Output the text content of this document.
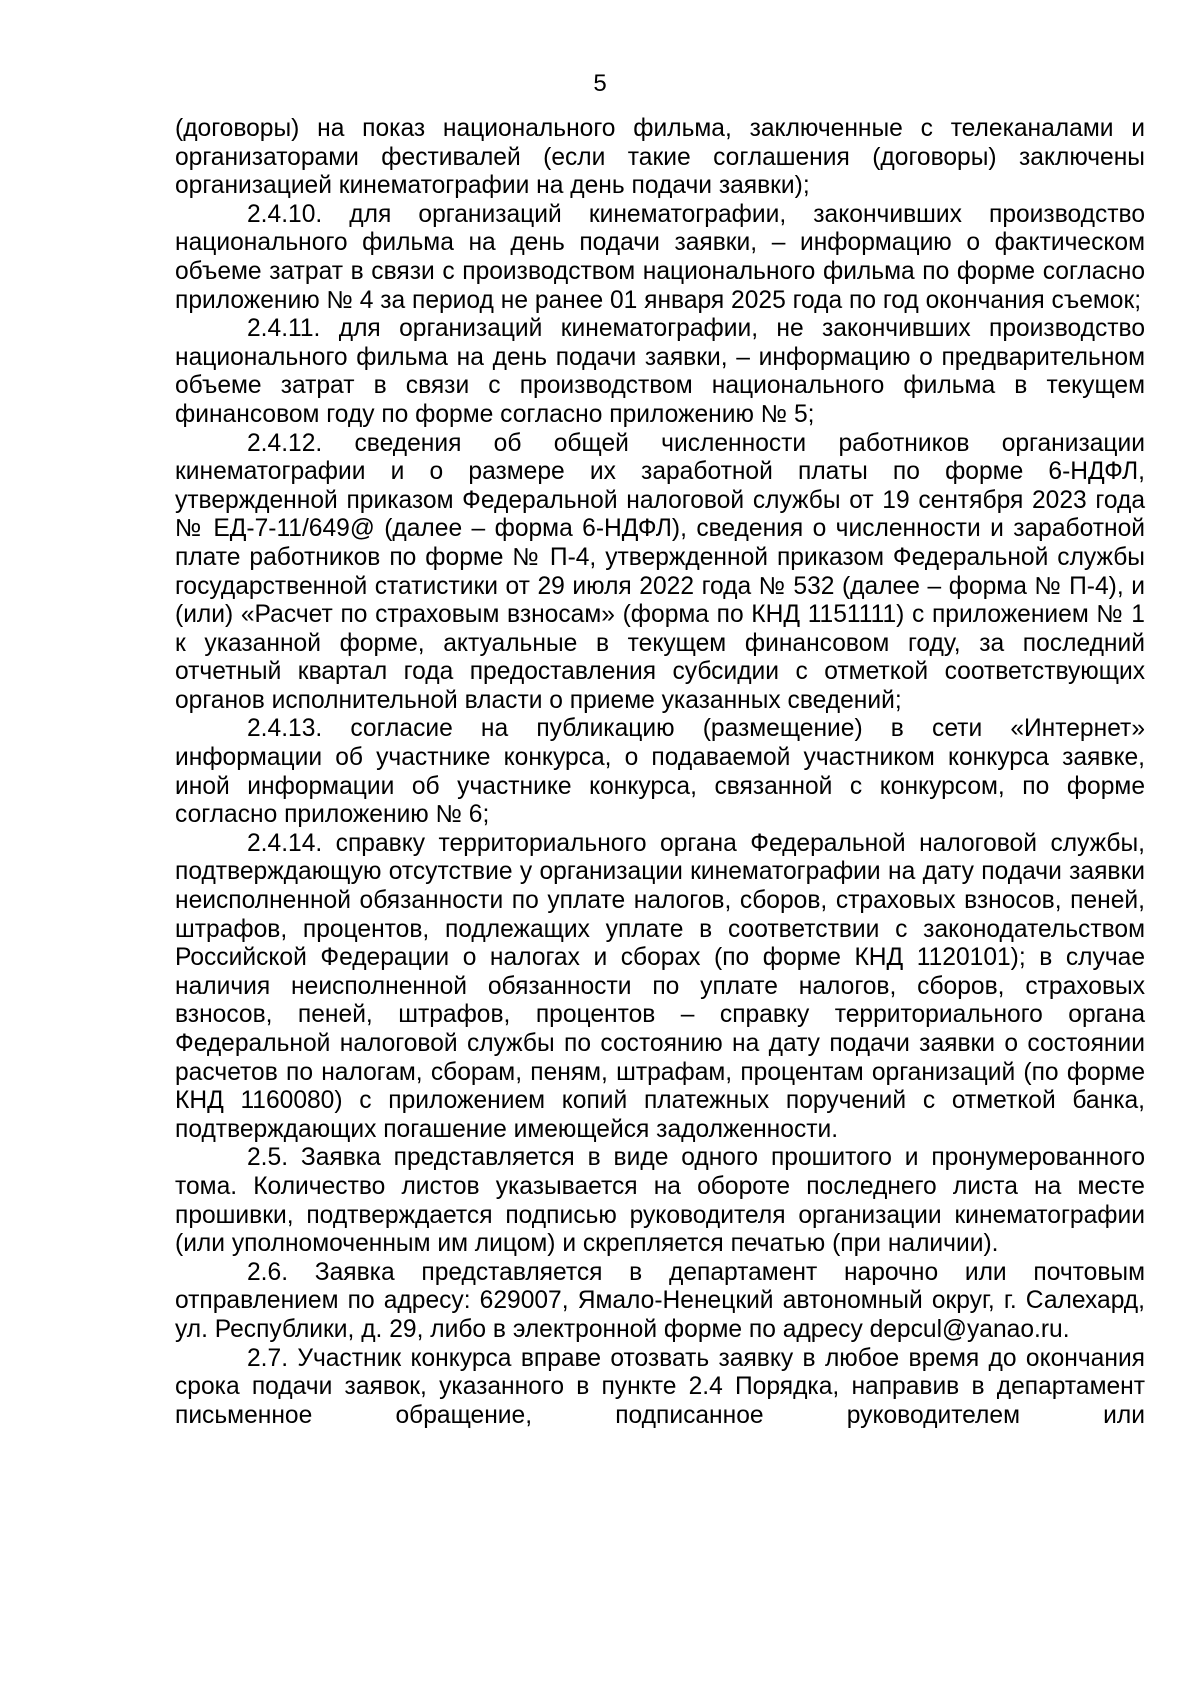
5

(договоры) на показ национального фильма, заключенные с телеканалами и организаторами фестивалей (если такие соглашения (договоры) заключены организацией кинематографии на день подачи заявки);

2.4.10. для организаций кинематографии, закончивших производство национального фильма на день подачи заявки, – информацию о фактическом объеме затрат в связи с производством национального фильма по форме согласно приложению № 4 за период не ранее 01 января 2025 года по год окончания съемок;

2.4.11. для организаций кинематографии, не закончивших производство национального фильма на день подачи заявки, – информацию о предварительном объеме затрат в связи с производством национального фильма в текущем финансовом году по форме согласно приложению № 5;

2.4.12. сведения об общей численности работников организации кинематографии и о размере их заработной платы по форме 6-НДФЛ, утвержденной приказом Федеральной налоговой службы от 19 сентября 2023 года № ЕД-7-11/649@ (далее – форма 6-НДФЛ), сведения о численности и заработной плате работников по форме № П-4, утвержденной приказом Федеральной службы государственной статистики от 29 июля 2022 года № 532 (далее – форма № П-4), и (или) «Расчет по страховым взносам» (форма по КНД 1151111) с приложением № 1 к указанной форме, актуальные в текущем финансовом году, за последний отчетный квартал года предоставления субсидии с отметкой соответствующих органов исполнительной власти о приеме указанных сведений;

2.4.13. согласие на публикацию (размещение) в сети «Интернет» информации об участнике конкурса, о подаваемой участником конкурса заявке, иной информации об участнике конкурса, связанной с конкурсом, по форме согласно приложению № 6;

2.4.14. справку территориального органа Федеральной налоговой службы, подтверждающую отсутствие у организации кинематографии на дату подачи заявки неисполненной обязанности по уплате налогов, сборов, страховых взносов, пеней, штрафов, процентов, подлежащих уплате в соответствии с законодательством Российской Федерации о налогах и сборах (по форме КНД 1120101); в случае наличия неисполненной обязанности по уплате налогов, сборов, страховых взносов, пеней, штрафов, процентов – справку территориального органа Федеральной налоговой службы по состоянию на дату подачи заявки о состоянии расчетов по налогам, сборам, пеням, штрафам, процентам организаций (по форме КНД 1160080) с приложением копий платежных поручений с отметкой банка, подтверждающих погашение имеющейся задолженности.

2.5. Заявка представляется в виде одного прошитого и пронумерованного тома. Количество листов указывается на обороте последнего листа на месте прошивки, подтверждается подписью руководителя организации кинематографии (или уполномоченным им лицом) и скрепляется печатью (при наличии).

2.6. Заявка представляется в департамент нарочно или почтовым отправлением по адресу: 629007, Ямало-Ненецкий автономный округ, г. Салехард, ул. Республики, д. 29, либо в электронной форме по адресу depcul@yanao.ru.

2.7. Участник конкурса вправе отозвать заявку в любое время до окончания срока подачи заявок, указанного в пункте 2.4 Порядка, направив в департамент письменное обращение, подписанное руководителем или
